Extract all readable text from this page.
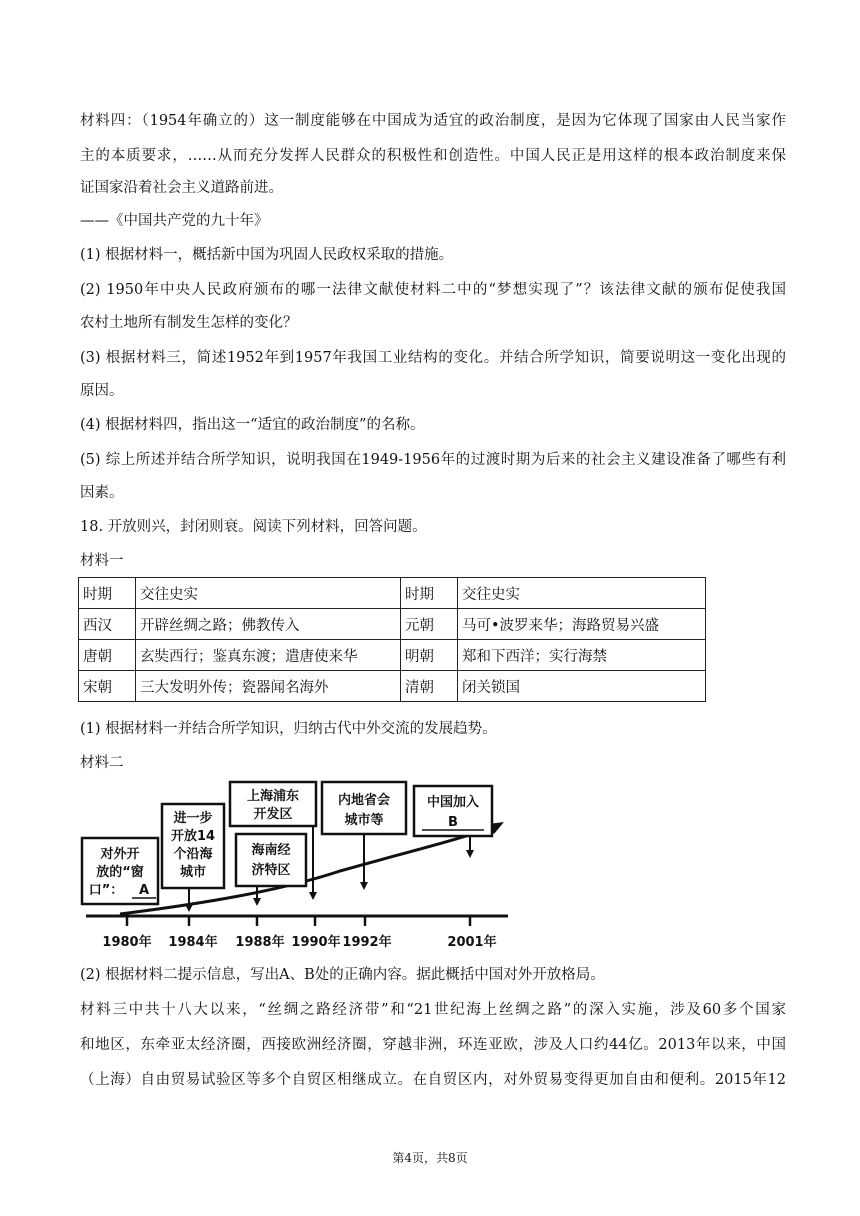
材料四：（1954年确立的）这一制度能够在中国成为适宜的政治制度，是因为它体现了国家由人民当家作
主的本质要求，……从而充分发挥人民群众的积极性和创造性。中国人民正是用这样的根本政治制度来保
证国家沿着社会主义道路前进。
——《中国共产党的九十年》
(1) 根据材料一，概括新中国为巩固人民政权采取的措施。
(2) 1950年中央人民政府颁布的哪一法律文献使材料二中的“梦想实现了”？该法律文献的颁布促使我国
农村土地所有制发生怎样的变化？
(3) 根据材料三，简述1952年到1957年我国工业结构的变化。并结合所学知识，简要说明这一变化出现的
原因。
(4) 根据材料四，指出这一“适宜的政治制度”的名称。
(5) 综上所述并结合所学知识，说明我国在1949-1956年的过渡时期为后来的社会主义建设准备了哪些有利
因素。
18. 开放则兴，封闭则衰。阅读下列材料，回答问题。
材料一
时期	交往史实	时期	交往史实
西汉	开辟丝绸之路；佛教传入	元朝	马可•波罗来华；海路贸易兴盛
唐朝	玄奘西行；鉴真东渡；遣唐使来华	明朝	郑和下西洋；实行海禁
宋朝	三大发明外传；瓷器闻名海外	清朝	闭关锁国
(1) 根据材料一并结合所学知识，归纳古代中外交流的发展趋势。
材料二
1980年 1984年 1988年 1990年 1992年	2001年
对外开
放的“窗
口”： A
进一步
开放14
个沿海
城市
上海浦东
开发区
海南经
济特区
内地省会
城市等
中国加入
B
(2) 根据材料二提示信息，写出A、B处的正确内容。据此概括中国对外开放格局。
材料三中共十八大以来，“丝绸之路经济带”和“21世纪海上丝绸之路”的深入实施，涉及60多个国家
和地区，东牵亚太经济圈，西接欧洲经济圈，穿越非洲，环连亚欧，涉及人口约44亿。2013年以来，中国
（上海）自由贸易试验区等多个自贸区相继成立。在自贸区内，对外贸易变得更加自由和便利。2015年12
第4页，共8页
